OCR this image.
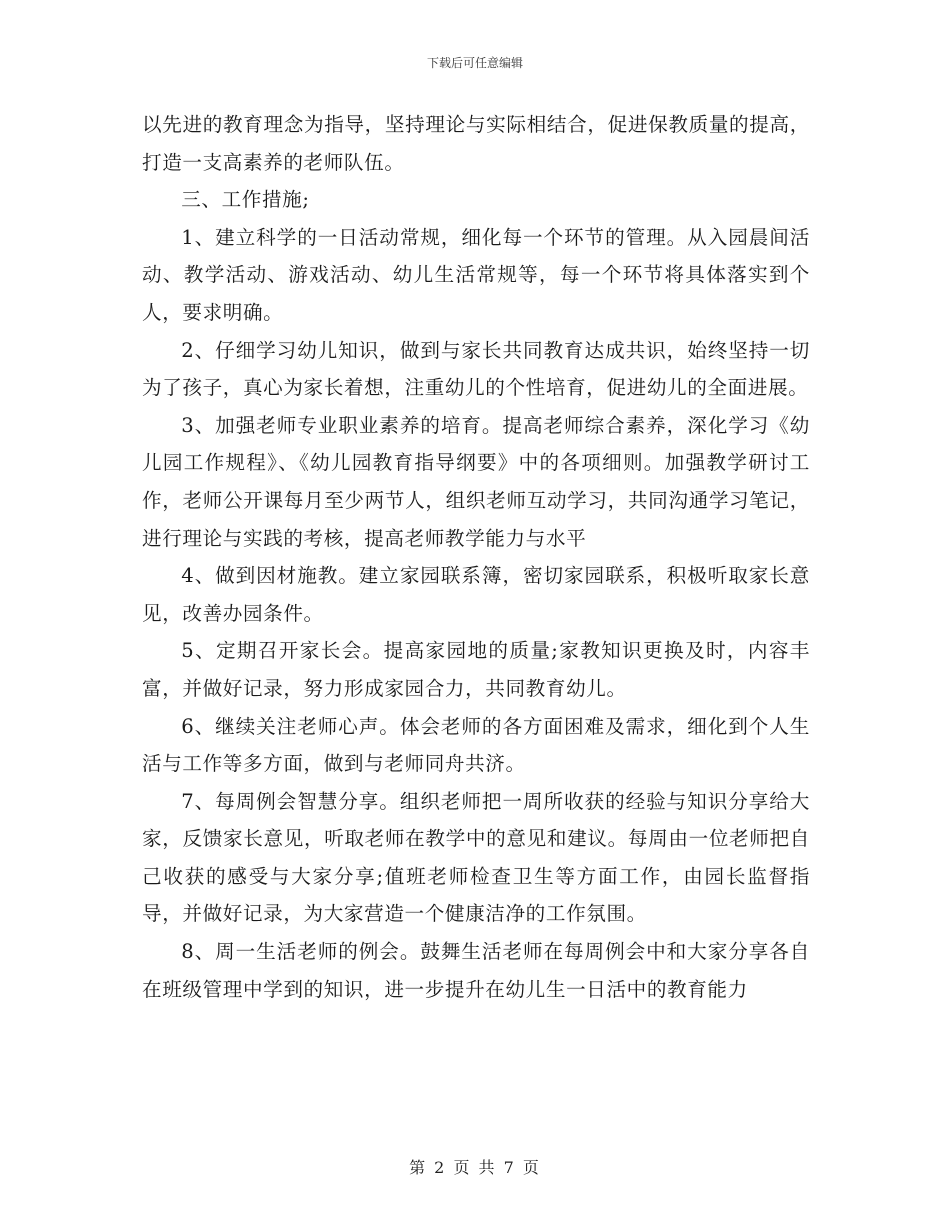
下载后可任意编辑

以先进的教育理念为指导，坚持理论与实际相结合，促进保教质量的提高，打造一支高素养的老师队伍。

三、工作措施;

1、建立科学的一日活动常规，细化每一个环节的管理。从入园晨间活动、教学活动、游戏活动、幼儿生活常规等，每一个环节将具体落实到个人，要求明确。

2、仔细学习幼儿知识，做到与家长共同教育达成共识，始终坚持一切为了孩子，真心为家长着想，注重幼儿的个性培育，促进幼儿的全面进展。

3、加强老师专业职业素养的培育。提高老师综合素养，深化学习《幼儿园工作规程》、《幼儿园教育指导纲要》中的各项细则。加强教学研讨工作，老师公开课每月至少两节人，组织老师互动学习，共同沟通学习笔记，进行理论与实践的考核，提高老师教学能力与水平

4、做到因材施教。建立家园联系簿，密切家园联系，积极听取家长意见，改善办园条件。

5、定期召开家长会。提高家园地的质量;家教知识更换及时，内容丰富，并做好记录，努力形成家园合力，共同教育幼儿。

6、继续关注老师心声。体会老师的各方面困难及需求，细化到个人生活与工作等多方面，做到与老师同舟共济。

7、每周例会智慧分享。组织老师把一周所收获的经验与知识分享给大家，反馈家长意见，听取老师在教学中的意见和建议。每周由一位老师把自己收获的感受与大家分享;值班老师检查卫生等方面工作，由园长监督指导，并做好记录，为大家营造一个健康洁净的工作氛围。

8、周一生活老师的例会。鼓舞生活老师在每周例会中和大家分享各自在班级管理中学到的知识，进一步提升在幼儿生一日活中的教育能力

第 2 页 共 7 页
